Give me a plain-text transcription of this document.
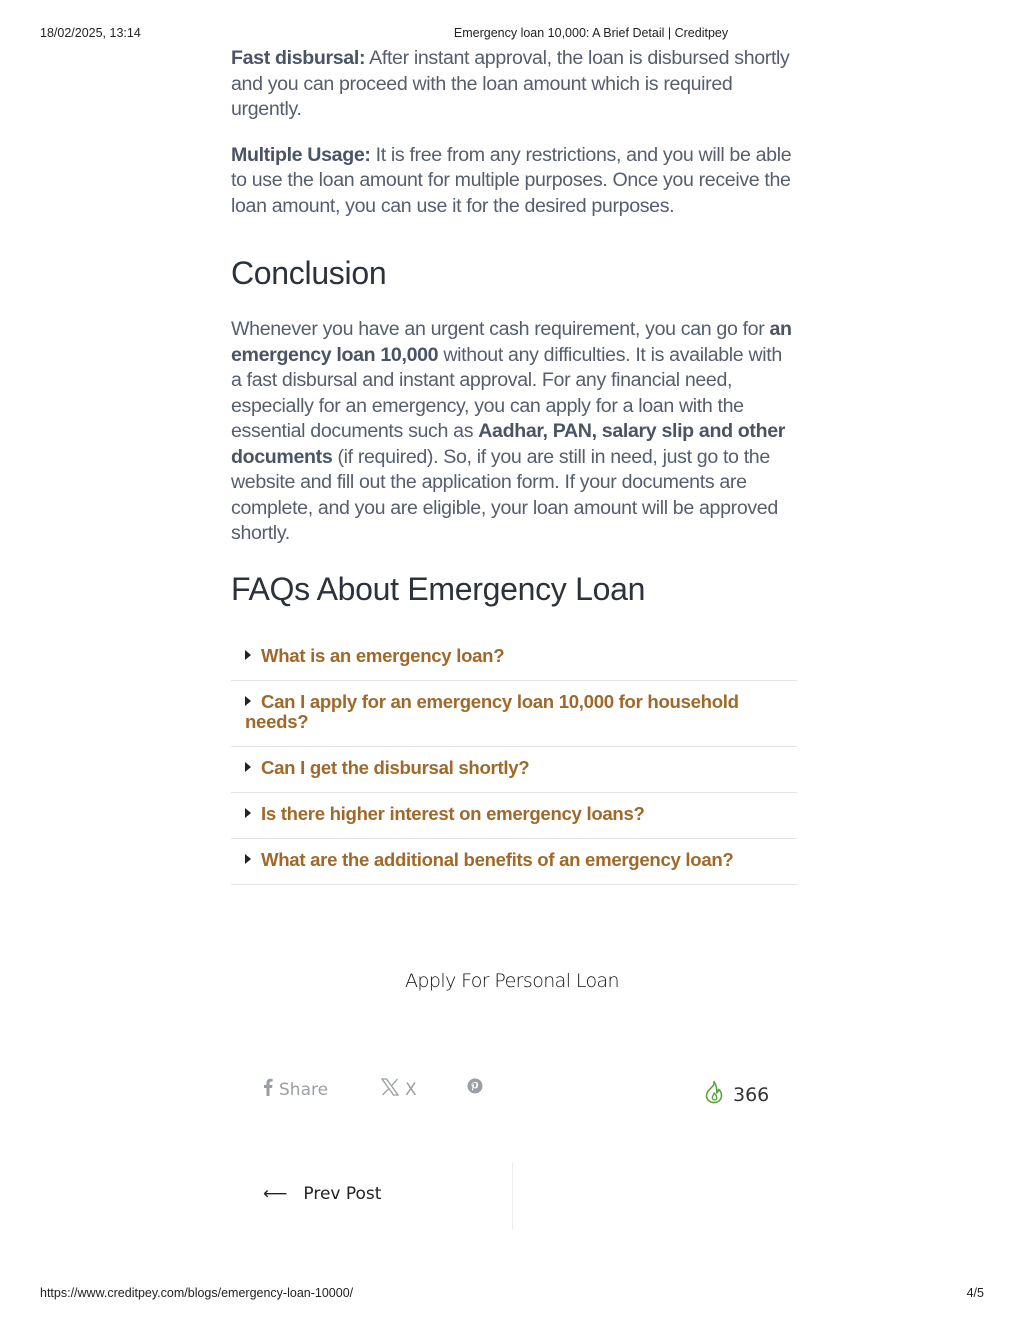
18/02/2025, 13:14	Emergency loan 10,000: A Brief Detail | Creditpey

Fast disbursal: After instant approval, the loan is disbursed shortly and you can proceed with the loan amount which is required urgently.

Multiple Usage: It is free from any restrictions, and you will be able to use the loan amount for multiple purposes. Once you receive the loan amount, you can use it for the desired purposes.

Conclusion

Whenever you have an urgent cash requirement, you can go for an emergency loan 10,000 without any difficulties. It is available with a fast disbursal and instant approval. For any financial need, especially for an emergency, you can apply for a loan with the essential documents such as Aadhar, PAN, salary slip and other documents (if required). So, if you are still in need, just go to the website and fill out the application form. If your documents are complete, and you are eligible, your loan amount will be approved shortly.

FAQs About Emergency Loan
What is an emergency loan?
Can I apply for an emergency loan 10,000 for household needs?
Can I get the disbursal shortly?
Is there higher interest on emergency loans?
What are the additional benefits of an emergency loan?
Apply For Personal Loan
Share	X	366
⟵ Prev Post
https://www.creditpey.com/blogs/emergency-loan-10000/	4/5
